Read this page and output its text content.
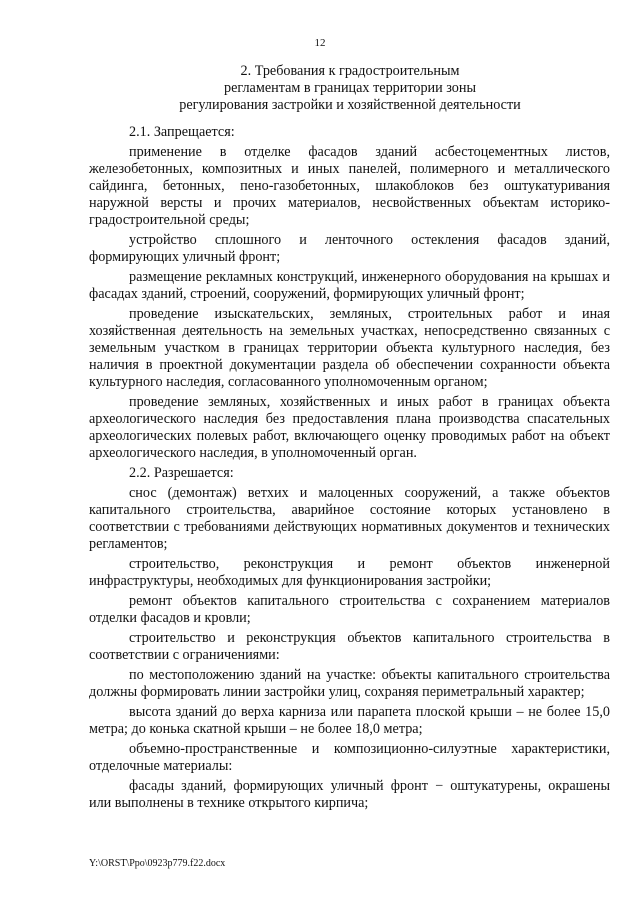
12
2. Требования к градостроительным
регламентам в границах территории зоны
регулирования застройки и хозяйственной деятельности

2.1. Запрещается:

применение в отделке фасадов зданий асбестоцементных листов, железобетонных, композитных и иных панелей, полимерного и металлического сайдинга, бетонных, пено-газобетонных, шлакоблоков без оштукатуривания наружной версты и прочих материалов, несвойственных объектам историко-градостроительной среды;

устройство сплошного и ленточного остекления фасадов зданий, формирующих уличный фронт;

размещение рекламных конструкций, инженерного оборудования на крышах и фасадах зданий, строений, сооружений, формирующих уличный фронт;

проведение изыскательских, земляных, строительных работ и иная хозяйственная деятельность на земельных участках, непосредственно связанных с земельным участком в границах территории объекта культурного наследия, без наличия в проектной документации раздела об обеспечении сохранности объекта культурного наследия, согласованного уполномоченным органом;

проведение земляных, хозяйственных и иных работ в границах объекта археологического наследия без предоставления плана производства спасательных археологических полевых работ, включающего оценку проводимых работ на объект археологического наследия, в уполномоченный орган.

2.2. Разрешается:

снос (демонтаж) ветхих и малоценных сооружений, а также объектов капитального строительства, аварийное состояние которых установлено в соответствии с требованиями действующих нормативных документов и технических регламентов;

строительство, реконструкция и ремонт объектов инженерной инфраструктуры, необходимых для функционирования застройки;

ремонт объектов капитального строительства с сохранением материалов отделки фасадов и кровли;

строительство и реконструкция объектов капитального строительства в соответствии с ограничениями:

по местоположению зданий на участке: объекты капитального строительства должны формировать линии застройки улиц, сохраняя периметральный характер;

высота зданий до верха карниза или парапета плоской крыши – не более 15,0 метра; до конька скатной крыши – не более 18,0 метра;

объемно-пространственные и композиционно-силуэтные характеристики, отделочные материалы:

фасады зданий, формирующих уличный фронт − оштукатурены, окрашены или выполнены в технике открытого кирпича;

Y:\ORST\Ppo\0923p779.f22.docx
